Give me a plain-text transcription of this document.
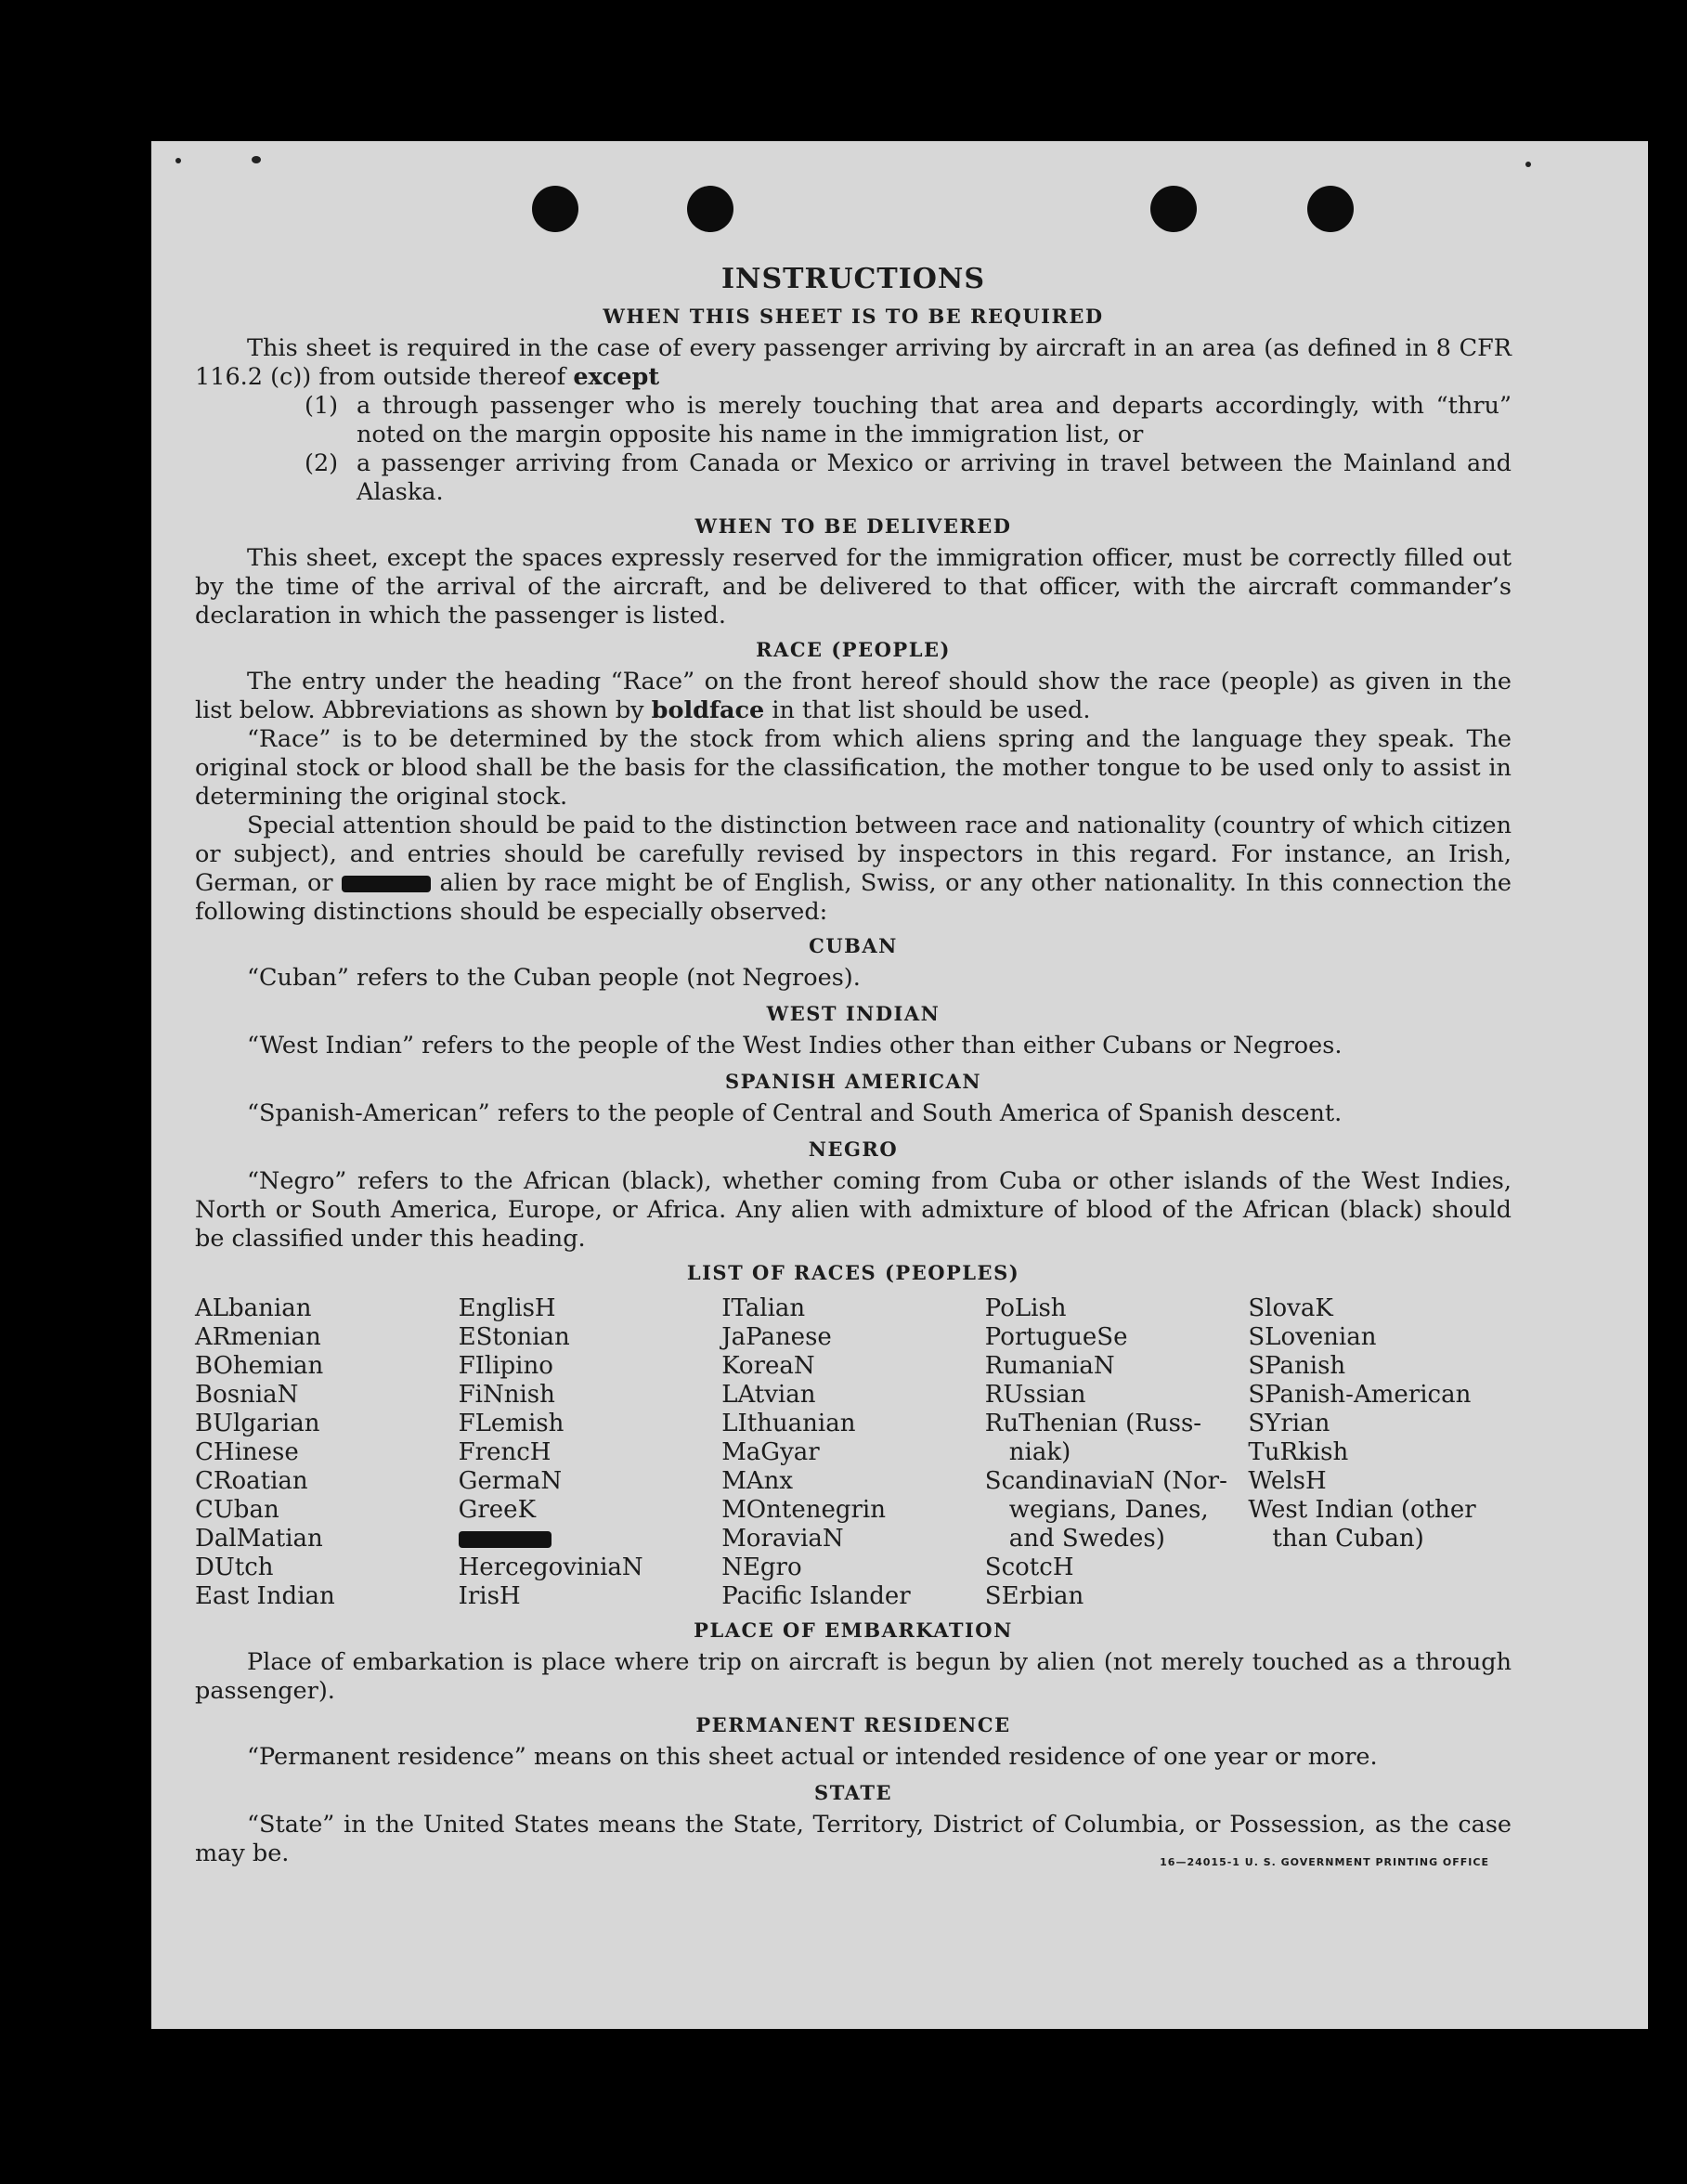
INSTRUCTIONS
WHEN THIS SHEET IS TO BE REQUIRED

This sheet is required in the case of every passenger arriving by aircraft in an area (as defined in 8 CFR 116.2 (c)) from outside thereof except

(1) a through passenger who is merely touching that area and departs accordingly, with “thru” noted on the margin opposite his name in the immigration list, or
(2) a passenger arriving from Canada or Mexico or arriving in travel between the Mainland and Alaska.
WHEN TO BE DELIVERED

This sheet, except the spaces expressly reserved for the immigration officer, must be correctly filled out by the time of the arrival of the aircraft, and be delivered to that officer, with the aircraft commander’s declaration in which the passenger is listed.

RACE (PEOPLE)

The entry under the heading “Race” on the front hereof should show the race (people) as given in the list below. Abbreviations as shown by boldface in that list should be used.

“Race” is to be determined by the stock from which aliens spring and the language they speak. The original stock or blood shall be the basis for the classification, the mother tongue to be used only to assist in determining the original stock.

Special attention should be paid to the distinction between race and nationality (country of which citizen or subject), and entries should be carefully revised by inspectors in this regard. For instance, an Irish, German, or	alien by race might be of English, Swiss, or any other nationality. In this connection the following distinctions should be especially observed:

CUBAN

“Cuban” refers to the Cuban people (not Negroes).

WEST INDIAN

“West Indian” refers to the people of the West Indies other than either Cubans or Negroes.

SPANISH AMERICAN

“Spanish-American” refers to the people of Central and South America of Spanish descent.

NEGRO

“Negro” refers to the African (black), whether coming from Cuba or other islands of the West Indies, North or South America, Europe, or Africa. Any alien with admixture of blood of the African (black) should be classified under this heading.

LIST OF RACES (PEOPLES)
ALbanian
ARmenian
BOhemian
BosniaN
BUlgarian
CHinese
CRoatian
CUban
DalMatian
DUtch
East Indian
EnglisH
EStonian
FIlipino
FiNnish
FLemish
FrencH
GermaN
GreeK
HercegoviniaN
IrisH
ITalian
JaPanese
KoreaN
LAtvian
LIthuanian
MaGyar
MAnx
MOntenegrin
MoraviaN
NEgro
Pacific Islander
PoLish
PortugueSe
RumaniaN
RUssian
RuThenian (Russ-
niak)
ScandinaviaN (Nor-
wegians, Danes,
and Swedes)
ScotcH
SErbian
SlovaK
SLovenian
SPanish
SPanish-American
SYrian
TuRkish
WelsH
West Indian (other
than Cuban)
PLACE OF EMBARKATION

Place of embarkation is place where trip on aircraft is begun by alien (not merely touched as a through passenger).

PERMANENT RESIDENCE

“Permanent residence” means on this sheet actual or intended residence of one year or more.

STATE

“State” in the United States means the State, Territory, District of Columbia, or Possession, as the case may be.	16—24015-1 U. S. GOVERNMENT PRINTING OFFICE
